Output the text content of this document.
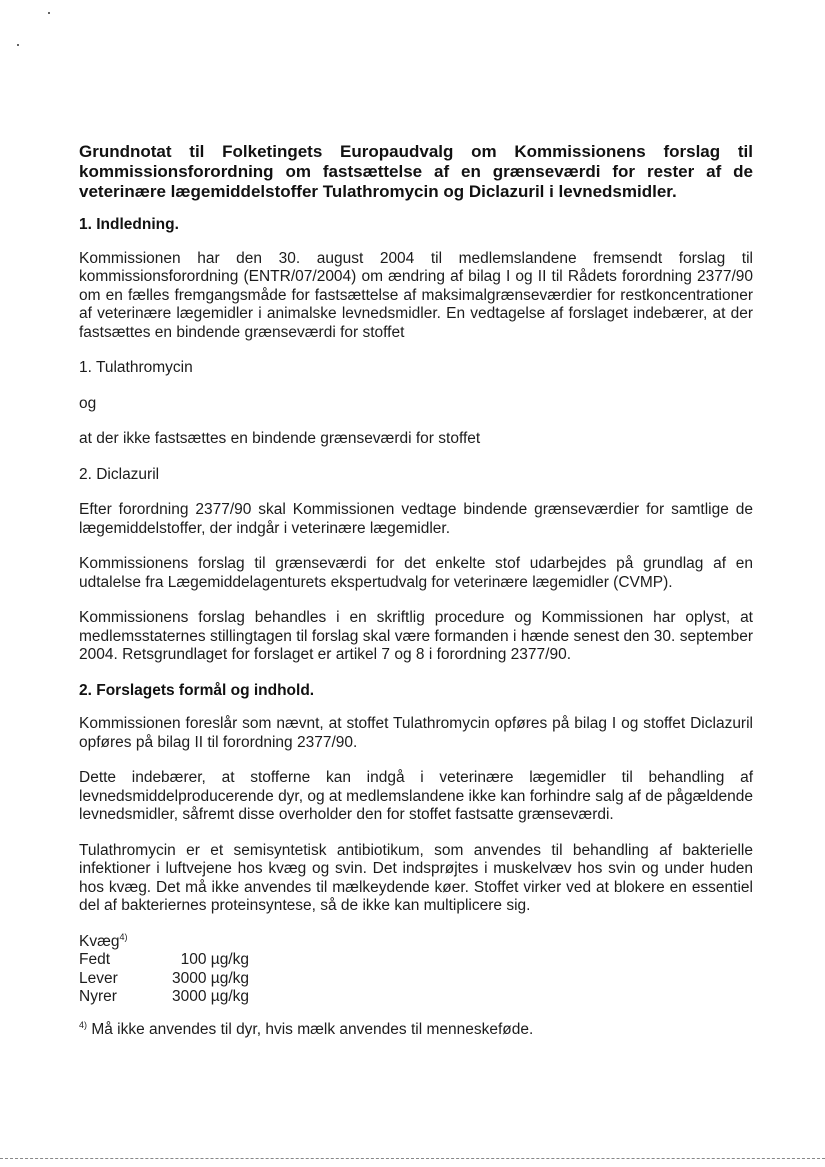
Grundnotat til Folketingets Europaudvalg om Kommissionens forslag til kommissionsforordning om fastsættelse af en grænseværdi for rester af de veterinære lægemiddelstoffer Tulathromycin og Diclazuril i levnedsmidler.
1. Indledning.

Kommissionen har den 30. august 2004 til medlemslandene fremsendt forslag til kommissionsforordning (ENTR/07/2004) om ændring af bilag I og II til Rådets forordning 2377/90 om en fælles fremgangsmåde for fastsættelse af maksimalgrænseværdier for restkoncentrationer af veterinære lægemidler i animalske levnedsmidler. En vedtagelse af forslaget indebærer, at der fastsættes en bindende grænseværdi for stoffet

1. Tulathromycin

og

at der ikke fastsættes en bindende grænseværdi for stoffet

2. Diclazuril

Efter forordning 2377/90 skal Kommissionen vedtage bindende grænseværdier for samtlige de lægemiddelstoffer, der indgår i veterinære lægemidler.

Kommissionens forslag til grænseværdi for det enkelte stof udarbejdes på grundlag af en udtalelse fra Lægemiddelagenturets ekspertudvalg for veterinære lægemidler (CVMP).

Kommissionens forslag behandles i en skriftlig procedure og Kommissionen har oplyst, at medlemsstaternes stillingtagen til forslag skal være formanden i hænde senest den 30. september 2004. Retsgrundlaget for forslaget er artikel 7 og 8 i forordning 2377/90.

2. Forslagets formål og indhold.

Kommissionen foreslår som nævnt, at stoffet Tulathromycin opføres på bilag I og stoffet Diclazuril opføres på bilag II til forordning 2377/90.

Dette indebærer, at stofferne kan indgå i veterinære lægemidler til behandling af levnedsmiddelproducerende dyr, og at medlemslandene ikke kan forhindre salg af de pågældende levnedsmidler, såfremt disse overholder den for stoffet fastsatte grænseværdi.

Tulathromycin er et semisyntetisk antibiotikum, som anvendes til behandling af bakterielle infektioner i luftvejene hos kvæg og svin. Det indsprøjtes i muskelvæv hos svin og under huden hos kvæg. Det må ikke anvendes til mælkeydende køer. Stoffet virker ved at blokere en essentiel del af bakteriernes proteinsyntese, så de ikke kan multiplicere sig.

Kvæg$^{4)}$
Fedt	100 µg/kg
Lever	3000 µg/kg
Nyrer	3000 µg/kg

$^{4)}$ Må ikke anvendes til dyr, hvis mælk anvendes til menneskeføde.
